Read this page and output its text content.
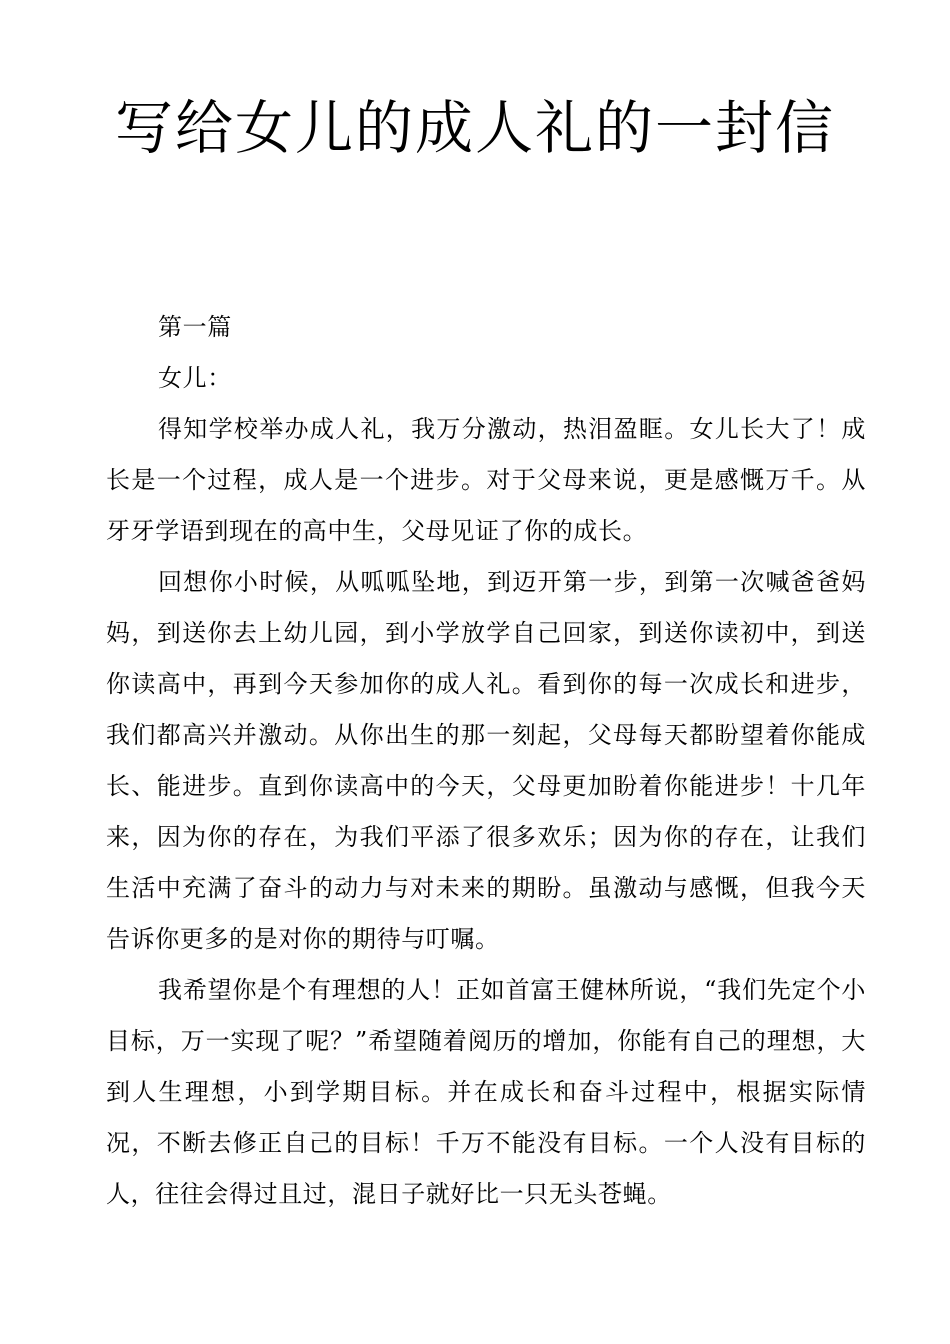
写给女儿的成人礼的一封信

第一篇

女儿：

得知学校举办成人礼，我万分激动，热泪盈眶。女儿长大了！成长是一个过程，成人是一个进步。对于父母来说，更是感慨万千。从牙牙学语到现在的高中生，父母见证了你的成长。

回想你小时候，从呱呱坠地，到迈开第一步，到第一次喊爸爸妈妈，到送你去上幼儿园，到小学放学自己回家，到送你读初中，到送你读高中，再到今天参加你的成人礼。看到你的每一次成长和进步，我们都高兴并激动。从你出生的那一刻起，父母每天都盼望着你能成长、能进步。直到你读高中的今天，父母更加盼着你能进步！十几年来，因为你的存在，为我们平添了很多欢乐；因为你的存在，让我们生活中充满了奋斗的动力与对未来的期盼。虽激动与感慨，但我今天告诉你更多的是对你的期待与叮嘱。

我希望你是个有理想的人！正如首富王健林所说，“我们先定个小目标，万一实现了呢？”希望随着阅历的增加，你能有自己的理想，大到人生理想，小到学期目标。并在成长和奋斗过程中，根据实际情况，不断去修正自己的目标！千万不能没有目标。一个人没有目标的人，往往会得过且过，混日子就好比一只无头苍蝇。
